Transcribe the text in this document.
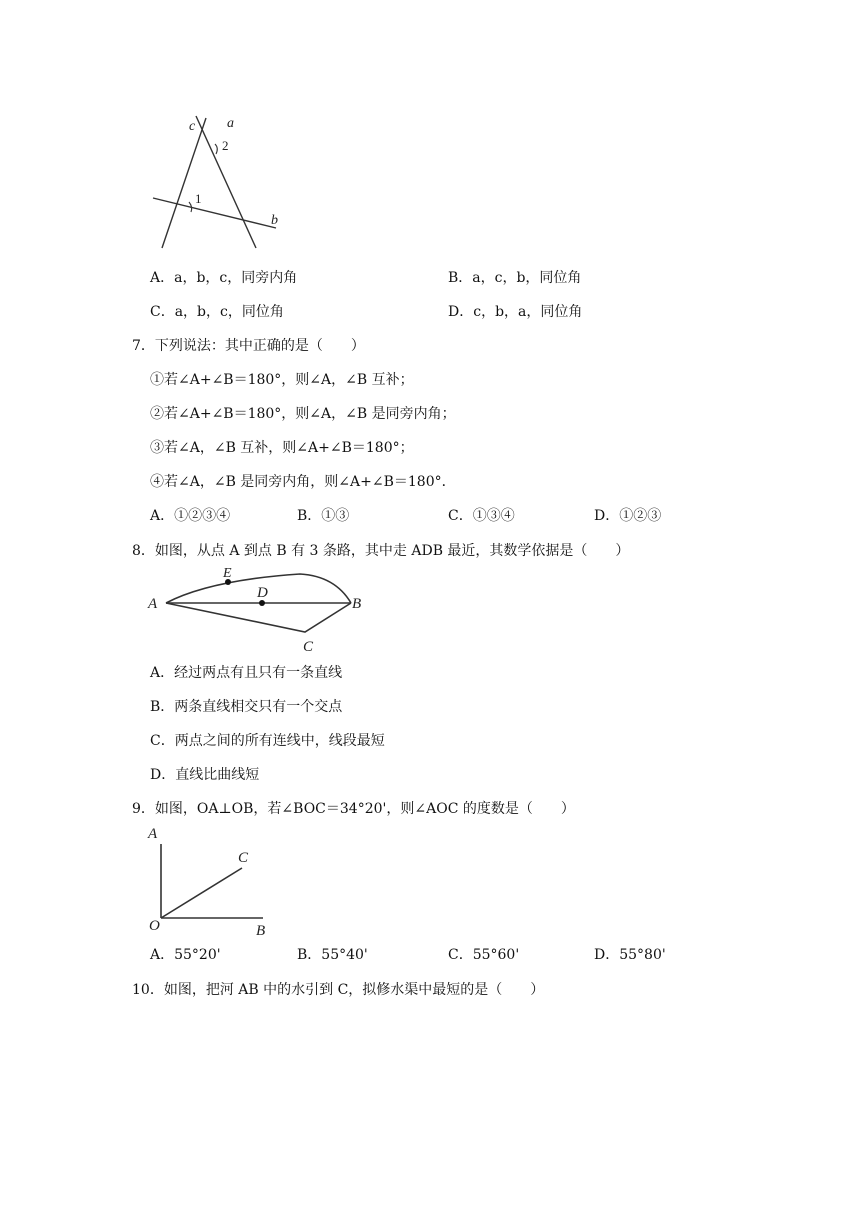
c a
2
1
b
A．a，b，c，同旁内角	B．a，c，b，同位角
C．a，b，c，同位角	D．c，b，a，同位角
7．下列说法：其中正确的是（　　）
①若∠A+∠B＝180°，则∠A，∠B 互补；
②若∠A+∠B＝180°，则∠A，∠B 是同旁内角；
③若∠A，∠B 互补，则∠A+∠B＝180°；
④若∠A，∠B 是同旁内角，则∠A+∠B＝180°．
A．①②③④	B．①③	C．①③④	D．①②③
8．如图，从点 A 到点 B 有 3 条路，其中走 ADB 最近，其数学依据是（　　）
A
E
D
B
C
A．经过两点有且只有一条直线
B．两条直线相交只有一个交点
C．两点之间的所有连线中，线段最短
D．直线比曲线短
9．如图，OA⊥OB，若∠BOC＝34°20'，则∠AOC 的度数是（　　）
A
C
O	B
A．55°20'	B．55°40'	C．55°60'	D．55°80'
10．如图，把河 AB 中的水引到 C，拟修水渠中最短的是（　　）
